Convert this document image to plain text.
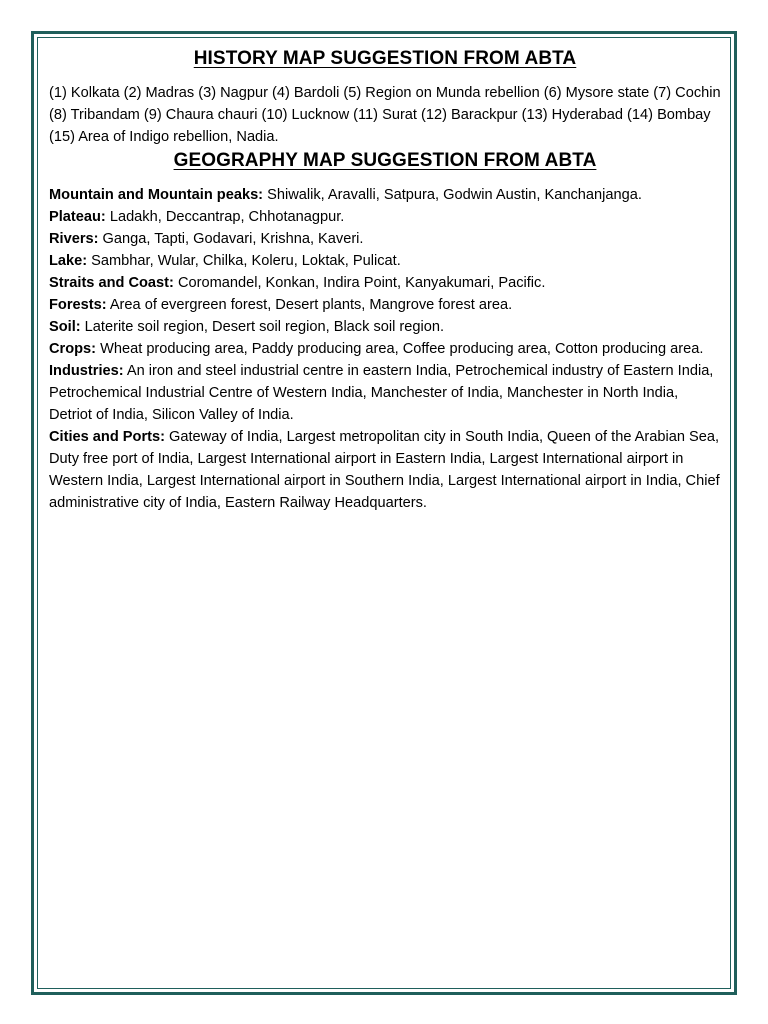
HISTORY MAP SUGGESTION FROM ABTA

(1) Kolkata (2) Madras (3) Nagpur (4) Bardoli (5) Region on Munda rebellion (6) Mysore state (7) Cochin (8) Tribandam (9) Chaura chauri (10) Lucknow (11) Surat (12) Barackpur (13) Hyderabad (14) Bombay (15) Area of Indigo rebellion, Nadia.

GEOGRAPHY MAP SUGGESTION FROM ABTA
Mountain and Mountain peaks: Shiwalik, Aravalli, Satpura, Godwin Austin, Kanchanjanga.
Plateau: Ladakh, Deccantrap, Chhotanagpur.
Rivers: Ganga, Tapti, Godavari, Krishna, Kaveri.
Lake: Sambhar, Wular, Chilka, Koleru, Loktak, Pulicat.
Straits and Coast: Coromandel, Konkan, Indira Point, Kanyakumari, Pacific.
Forests: Area of evergreen forest, Desert plants, Mangrove forest area.
Soil: Laterite soil region, Desert soil region, Black soil region.
Crops: Wheat producing area, Paddy producing area, Coffee producing area, Cotton producing area.
Industries: An iron and steel industrial centre in eastern India, Petrochemical industry of Eastern India, Petrochemical Industrial Centre of Western India, Manchester of India, Manchester in North India, Detriot of India, Silicon Valley of India.
Cities and Ports: Gateway of India, Largest metropolitan city in South India, Queen of the Arabian Sea, Duty free port of India, Largest International airport in Eastern India, Largest International airport in Western India, Largest International airport in Southern India, Largest International airport in India, Chief administrative city of India, Eastern Railway Headquarters.
